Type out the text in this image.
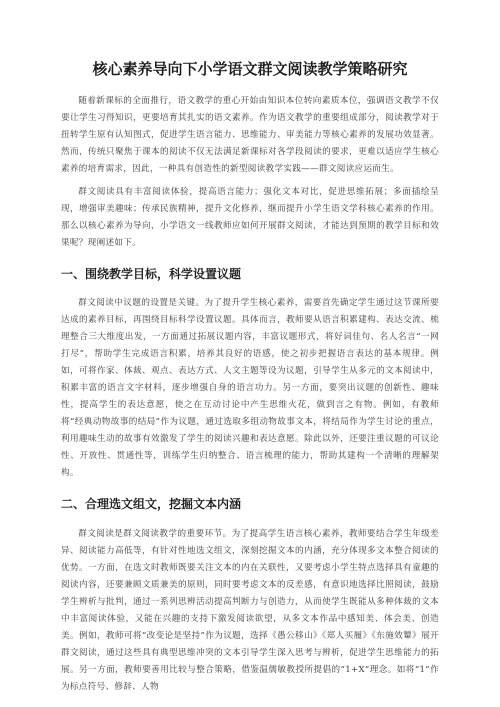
核心素养导向下小学语文群文阅读教学策略研究

随着新课标的全面推行，语文教学的重心开始由知识本位转向素质本位，强调语文教学不仅要让学生习得知识，更要培育其扎实的语文素养。作为语文教学的重要组成部分，阅读教学对于扭转学生原有认知图式，促进学生语言能力、思维能力、审美能力等核心素养的发展功效显著。然而，传统只聚焦于课本的阅读不仅无法满足新课标对各学段阅读的要求，更难以适应学生核心素养的培育需求，因此，一种具有创造性的新型阅读教学实践——群文阅读应运而生。

群文阅读具有丰富阅读体验，提高语言能力；强化文本对比，促进思维拓展；多面插绘呈现，增强审美趣味；传承民族精神，提升文化修养，继而提升小学生语文学科核心素养的作用。那么以核心素养为导向，小学语文一线教师应如何开展群文阅读，才能达到预期的教学目标和效果呢？现阐述如下。

一、围绕教学目标，科学设置议题

群文阅读中议题的设置是关键。为了提升学生核心素养，需要首先确定学生通过这节课所要达成的素养目标，再围绕目标科学设置议题。具体而言，教师要从语言积累建构、表达交流、梳理整合三大维度出发，一方面通过拓展议题内容，丰富议题形式，将好词佳句、名人名言“一网打尽”，帮助学生完成语言积累，培养其良好的语感，使之初步把握语言表达的基本规律。例如，可将作家、体裁、观点、表达方式、人文主题等设为议题，引导学生从多元的文本阅读中，积累丰富的语言文字材料，逐步增强自身的语言功力。另一方面，要突出议题的创新性、趣味性，提高学生的表达意愿，使之在互动讨论中产生思维火花，做到言之有物。例如，有教师将“经典动物故事的结局”作为议题，通过选取多组动物故事文本，将结局作为学生讨论的重点，利用趣味生动的故事有效激发了学生的阅读兴趣和表达意愿。除此以外，还要注重议题的可议论性、开放性、贯通性等，训练学生归纳整合、语言梳理的能力，帮助其建构一个清晰的理解架构。

二、合理选文组文，挖掘文本内涵

群文阅读是群文阅读教学的重要环节。为了提高学生语言核心素养，教师要结合学生年级差异、阅读能力高低等，有针对性地选文组文，深刻挖掘文本的内涵，充分体现多文本整合阅读的优势。一方面，在选文时教师既要关注文本的内在关联性，又要考虑小学生特点选择具有童趣的阅读内容，还要兼顾文质兼美的原则，同时要考虑文本的反差感，有意识地选择比照阅读，鼓励学生辨析与批判，通过一系列思辨活动提高判断力与创造力，从而使学生既能从多种体裁的文本中丰富阅读体验，又能在兴趣的支持下激发阅读欲望，从多文本作品中感知美、体会美、创造美。例如，教师可将“改变论是坚持”作为议题，选择《愚公移山》《郑人买履》《东施效颦》展开群文阅读，通过这些具有典型思维冲突的文本引导学生深入思考与辨析，促进学生思维能力的拓展。另一方面，教师要善用比较与整合策略，借鉴温儒敏教授所提倡的“1+X”理念。如将“1”作为标点符号、修辞、人物
